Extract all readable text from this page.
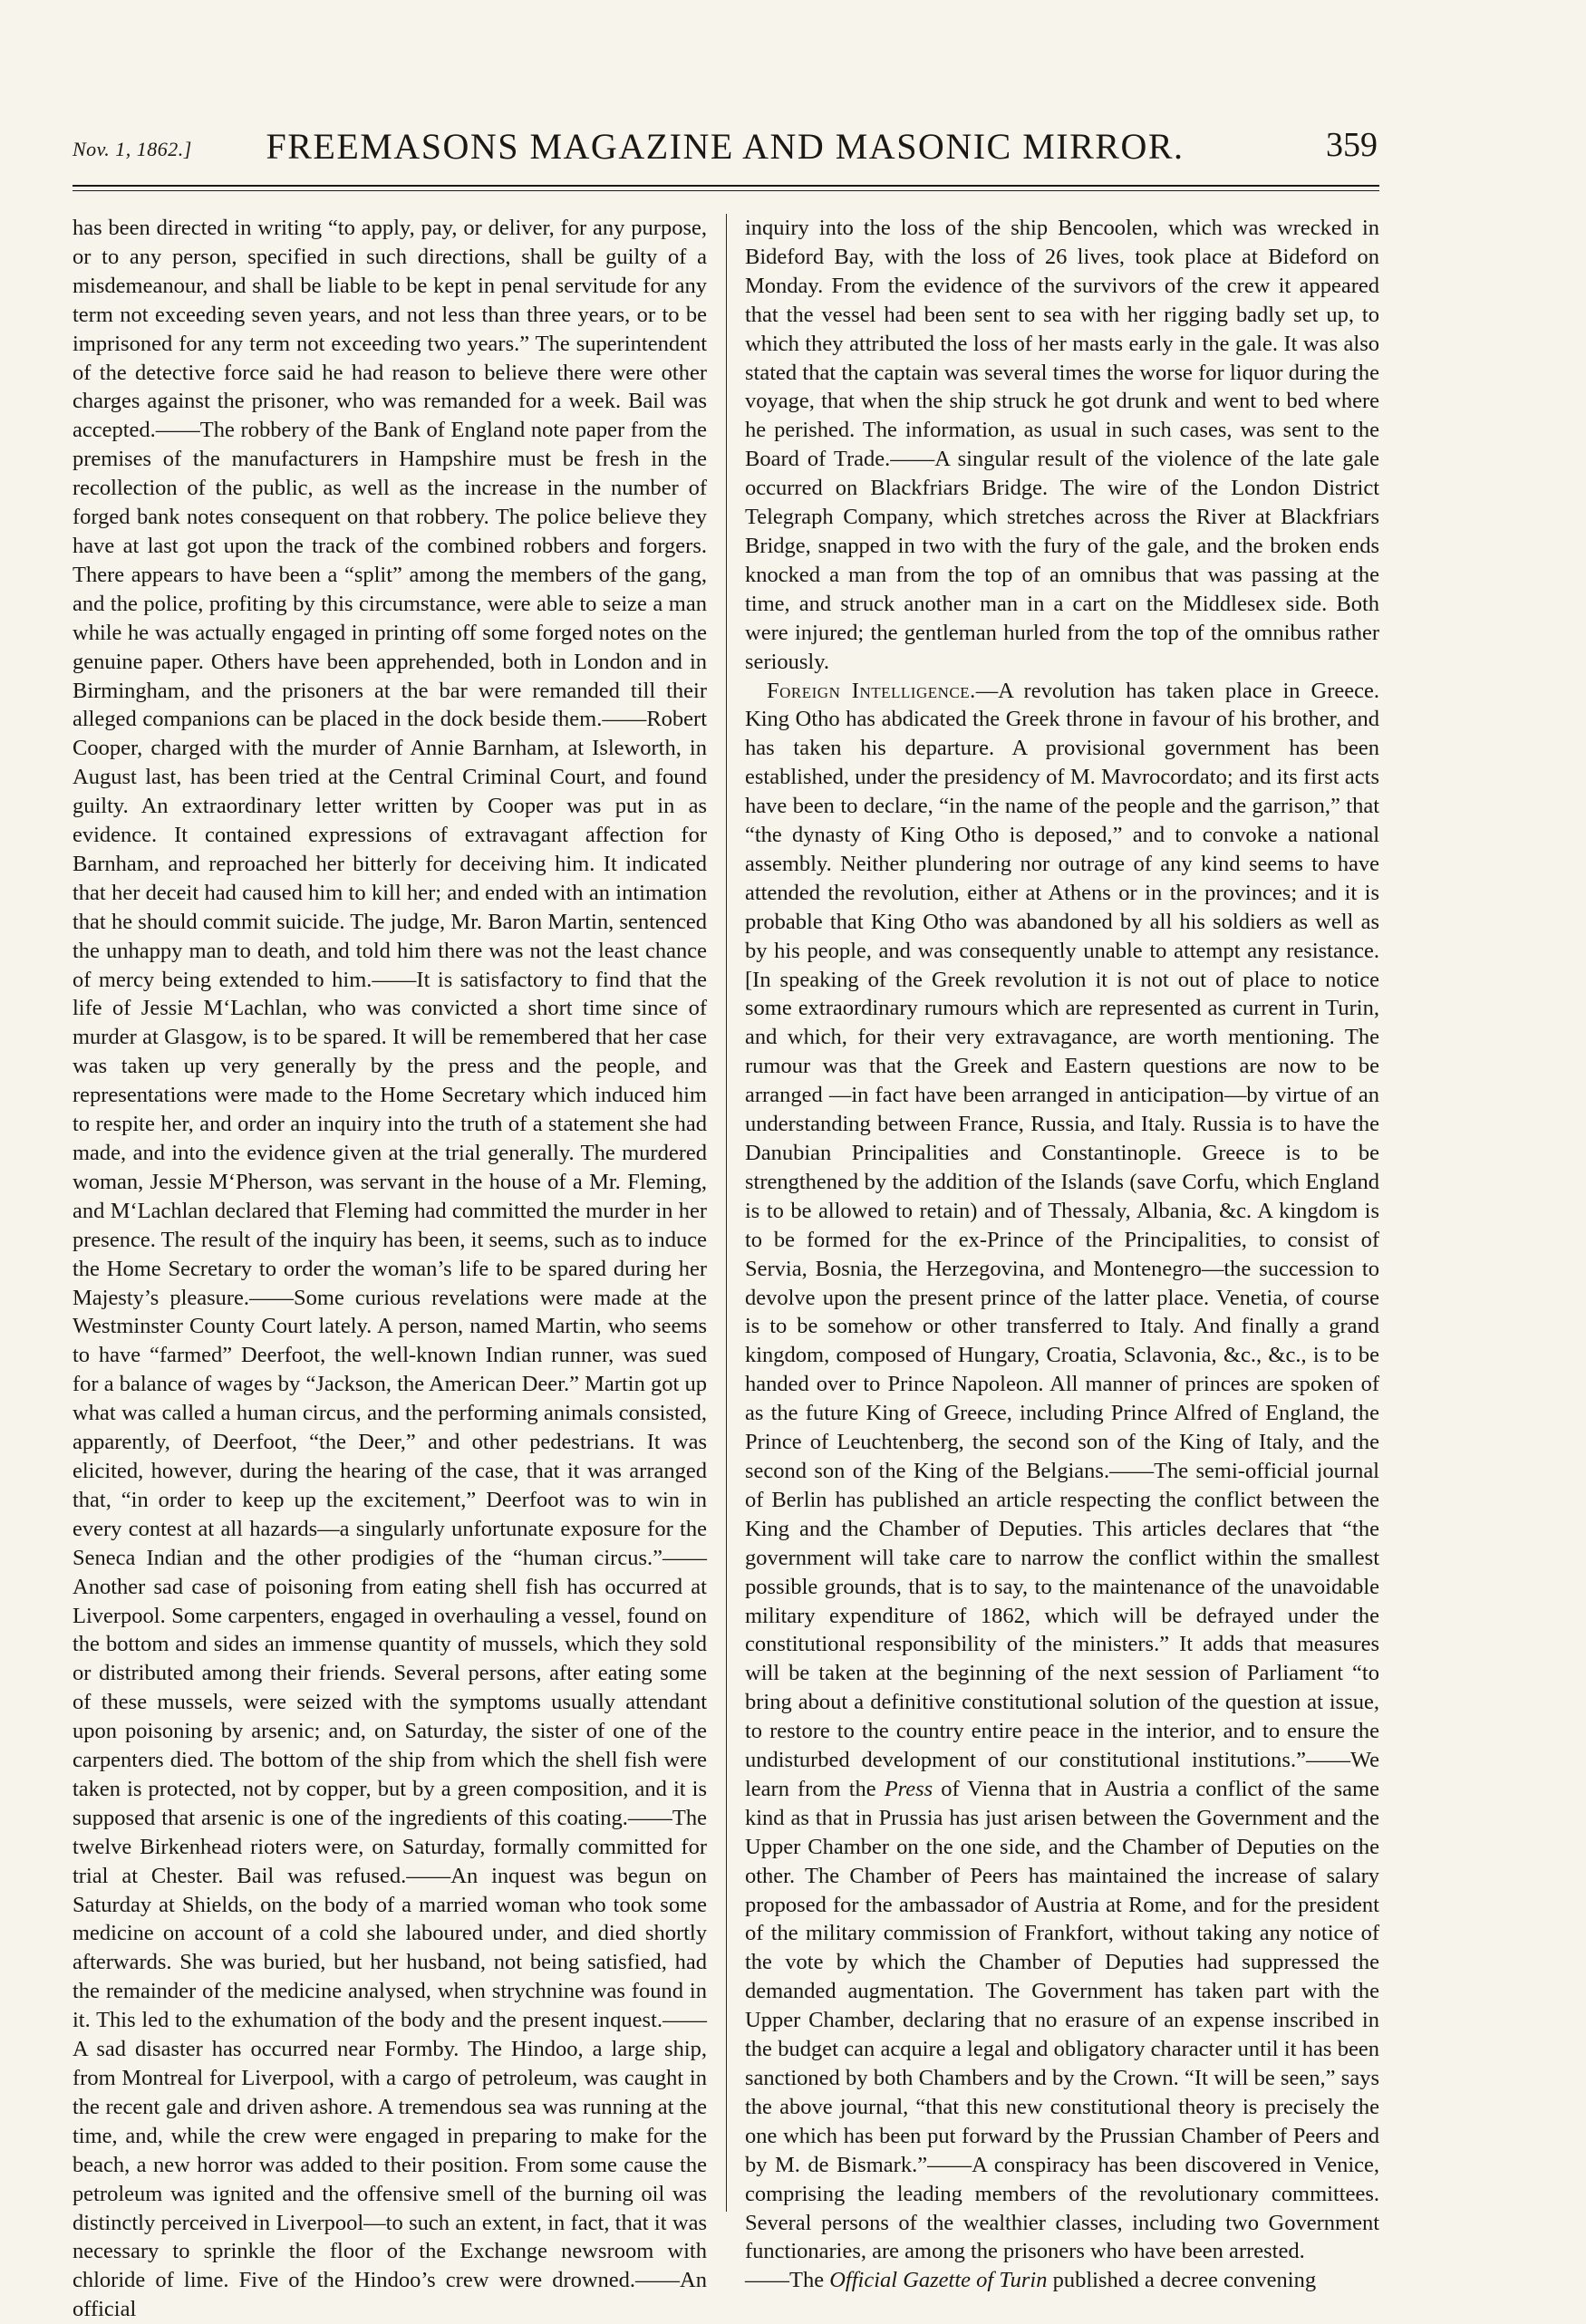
Nov. 1, 1862.]	FREEMASONS MAGAZINE AND MASONIC MIRROR.	359

has been directed in writing “to apply, pay, or deliver, for any purpose, or to any person, specified in such directions, shall be guilty of a misdemeanour, and shall be liable to be kept in penal servitude for any term not exceeding seven years, and not less than three years, or to be imprisoned for any term not exceeding two years.” The superintendent of the detective force said he had reason to believe there were other charges against the prisoner, who was remanded for a week. Bail was accepted.——The robbery of the Bank of England note paper from the premises of the manufacturers in Hampshire must be fresh in the recollection of the public, as well as the increase in the number of forged bank notes consequent on that robbery. The police believe they have at last got upon the track of the combined robbers and forgers. There appears to have been a “split” among the members of the gang, and the police, profiting by this circumstance, were able to seize a man while he was actually engaged in printing off some forged notes on the genuine paper. Others have been apprehended, both in London and in Birmingham, and the prisoners at the bar were remanded till their alleged companions can be placed in the dock beside them.——Robert Cooper, charged with the murder of Annie Barnham, at Isleworth, in August last, has been tried at the Central Criminal Court, and found guilty. An extraordinary letter written by Cooper was put in as evidence. It contained expressions of extravagant affection for Barnham, and reproached her bitterly for deceiving him. It indicated that her deceit had caused him to kill her; and ended with an intimation that he should commit suicide. The judge, Mr. Baron Martin, sentenced the unhappy man to death, and told him there was not the least chance of mercy being extended to him.——It is satisfactory to find that the life of Jessie M‘Lachlan, who was convicted a short time since of murder at Glasgow, is to be spared. It will be remembered that her case was taken up very generally by the press and the people, and representations were made to the Home Secretary which induced him to respite her, and order an inquiry into the truth of a statement she had made, and into the evidence given at the trial generally. The murdered woman, Jessie M‘Pherson, was servant in the house of a Mr. Fleming, and M‘Lachlan declared that Fleming had committed the murder in her presence. The result of the inquiry has been, it seems, such as to induce the Home Secretary to order the woman’s life to be spared during her Majesty’s pleasure.——Some curious revelations were made at the Westminster County Court lately. A person, named Martin, who seems to have “farmed” Deerfoot, the well-known Indian runner, was sued for a balance of wages by “Jackson, the American Deer.” Martin got up what was called a human circus, and the performing animals consisted, apparently, of Deerfoot, “the Deer,” and other pedestrians. It was elicited, however, during the hearing of the case, that it was arranged that, “in order to keep up the excitement,” Deerfoot was to win in every contest at all hazards—a singularly unfortunate exposure for the Seneca Indian and the other prodigies of the “human circus.”——Another sad case of poisoning from eating shell fish has occurred at Liverpool. Some carpenters, engaged in overhauling a vessel, found on the bottom and sides an immense quantity of mussels, which they sold or distributed among their friends. Several persons, after eating some of these mussels, were seized with the symptoms usually attendant upon poisoning by arsenic; and, on Saturday, the sister of one of the carpenters died. The bottom of the ship from which the shell fish were taken is protected, not by copper, but by a green composition, and it is supposed that arsenic is one of the ingredients of this coating.——The twelve Birkenhead rioters were, on Saturday, formally committed for trial at Chester. Bail was refused.——An inquest was begun on Saturday at Shields, on the body of a married woman who took some medicine on account of a cold she laboured under, and died shortly afterwards. She was buried, but her husband, not being satisfied, had the remainder of the medicine analysed, when strychnine was found in it. This led to the exhumation of the body and the present inquest.——A sad disaster has occurred near Formby. The Hindoo, a large ship, from Montreal for Liverpool, with a cargo of petroleum, was caught in the recent gale and driven ashore. A tremendous sea was running at the time, and, while the crew were engaged in preparing to make for the beach, a new horror was added to their position. From some cause the petroleum was ignited and the offensive smell of the burning oil was distinctly perceived in Liverpool—to such an extent, in fact, that it was necessary to sprinkle the floor of the Exchange newsroom with chloride of lime. Five of the Hindoo’s crew were drowned.——An official

inquiry into the loss of the ship Bencoolen, which was wrecked in Bideford Bay, with the loss of 26 lives, took place at Bideford on Monday. From the evidence of the survivors of the crew it appeared that the vessel had been sent to sea with her rigging badly set up, to which they attributed the loss of her masts early in the gale. It was also stated that the captain was several times the worse for liquor during the voyage, that when the ship struck he got drunk and went to bed where he perished. The information, as usual in such cases, was sent to the Board of Trade.——A singular result of the violence of the late gale occurred on Blackfriars Bridge. The wire of the London District Telegraph Company, which stretches across the River at Blackfriars Bridge, snapped in two with the fury of the gale, and the broken ends knocked a man from the top of an omnibus that was passing at the time, and struck another man in a cart on the Middlesex side. Both were injured; the gentleman hurled from the top of the omnibus rather seriously.

Foreign Intelligence.—A revolution has taken place in Greece. King Otho has abdicated the Greek throne in favour of his brother, and has taken his departure. A provisional government has been established, under the presidency of M. Mavrocordato; and its first acts have been to declare, “in the name of the people and the garrison,” that “the dynasty of King Otho is deposed,” and to convoke a national assembly. Neither plundering nor outrage of any kind seems to have attended the revolution, either at Athens or in the provinces; and it is probable that King Otho was abandoned by all his soldiers as well as by his people, and was consequently unable to attempt any resistance. [In speaking of the Greek revolution it is not out of place to notice some extraordinary rumours which are represented as current in Turin, and which, for their very extravagance, are worth mentioning. The rumour was that the Greek and Eastern questions are now to be arranged —in fact have been arranged in anticipation—by virtue of an understanding between France, Russia, and Italy. Russia is to have the Danubian Principalities and Constantinople. Greece is to be strengthened by the addition of the Islands (save Corfu, which England is to be allowed to retain) and of Thessaly, Albania, &c. A kingdom is to be formed for the ex-Prince of the Principalities, to consist of Servia, Bosnia, the Herzegovina, and Montenegro—the succession to devolve upon the present prince of the latter place. Venetia, of course is to be somehow or other transferred to Italy. And finally a grand kingdom, composed of Hungary, Croatia, Sclavonia, &c., &c., is to be handed over to Prince Napoleon. All manner of princes are spoken of as the future King of Greece, including Prince Alfred of England, the Prince of Leuchtenberg, the second son of the King of Italy, and the second son of the King of the Belgians.——The semi-official journal of Berlin has published an article respecting the conflict between the King and the Chamber of Deputies. This articles declares that “the government will take care to narrow the conflict within the smallest possible grounds, that is to say, to the maintenance of the unavoidable military expenditure of 1862, which will be defrayed under the constitutional responsibility of the ministers.” It adds that measures will be taken at the beginning of the next session of Parliament “to bring about a definitive constitutional solution of the question at issue, to restore to the country entire peace in the interior, and to ensure the undisturbed development of our constitutional institutions.”——We learn from the Press of Vienna that in Austria a conflict of the same kind as that in Prussia has just arisen between the Government and the Upper Chamber on the one side, and the Chamber of Deputies on the other. The Chamber of Peers has maintained the increase of salary proposed for the ambassador of Austria at Rome, and for the president of the military commission of Frankfort, without taking any notice of the vote by which the Chamber of Deputies had suppressed the demanded augmentation. The Government has taken part with the Upper Chamber, declaring that no erasure of an expense inscribed in the budget can acquire a legal and obligatory character until it has been sanctioned by both Chambers and by the Crown. “It will be seen,” says the above journal, “that this new constitutional theory is precisely the one which has been put forward by the Prussian Chamber of Peers and by M. de Bismark.”——A conspiracy has been discovered in Venice, comprising the leading members of the revolutionary committees. Several persons of the wealthier classes, including two Government functionaries, are among the prisoners who have been arrested.

——The Official Gazette of Turin published a decree convening
